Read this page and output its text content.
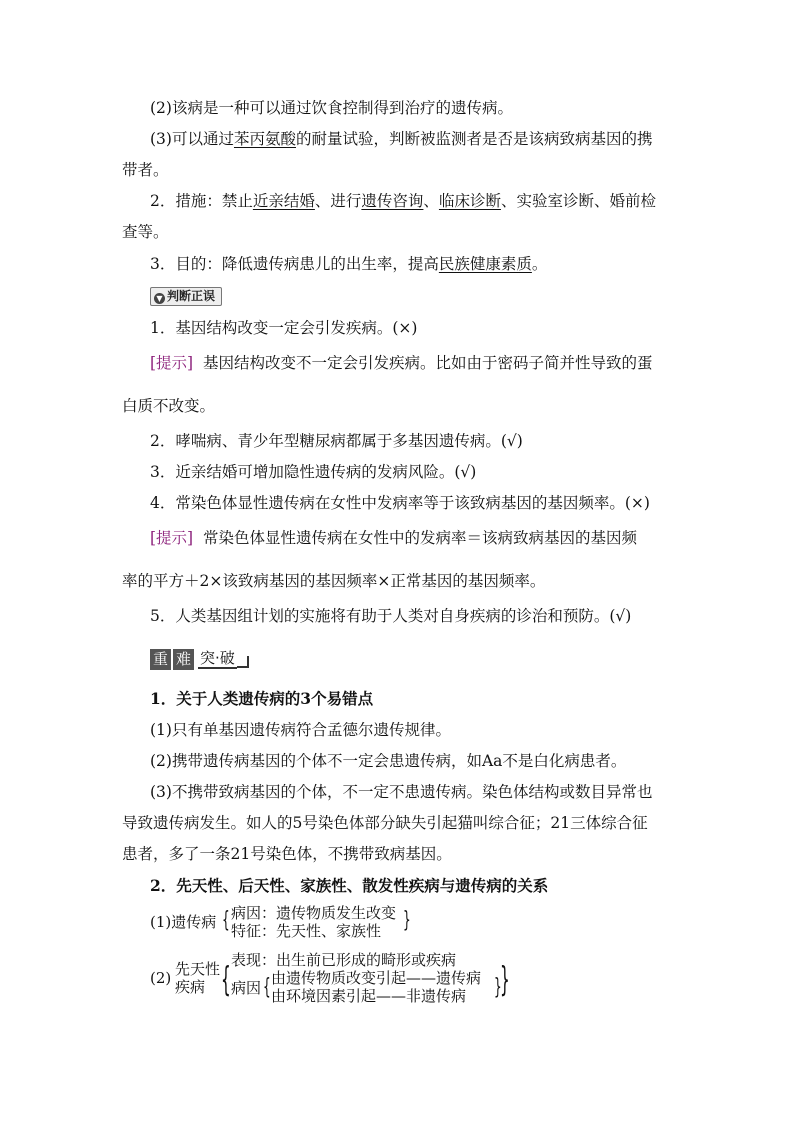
(2)该病是一种可以通过饮食控制得到治疗的遗传病。
(3)可以通过苯丙氨酸的耐量试验，判断被监测者是否是该病致病基因的携
带者。
2．措施：禁止近亲结婚、进行遗传咨询、临床诊断、实验室诊断、婚前检
查等。
3．目的：降低遗传病患儿的出生率，提高民族健康素质。
▼ 判断正误
1．基因结构改变一定会引发疾病。(×)
[提示] 基因结构改变不一定会引发疾病。比如由于密码子简并性导致的蛋
白质不改变。
2．哮喘病、青少年型糖尿病都属于多基因遗传病。(√)
3．近亲结婚可增加隐性遗传病的发病风险。(√)
4．常染色体显性遗传病在女性中发病率等于该致病基因的基因频率。(×)
[提示] 常染色体显性遗传病在女性中的发病率＝该病致病基因的基因频
率的平方＋2×该致病基因的基因频率×正常基因的基因频率。
5．人类基因组计划的实施将有助于人类对自身疾病的诊治和预防。(√)
重 难 突·破
1．关于人类遗传病的3个易错点
(1)只有单基因遗传病符合孟德尔遗传规律。
(2)携带遗传病基因的个体不一定会患遗传病，如Aa不是白化病患者。
(3)不携带致病基因的个体，不一定不患遗传病。染色体结构或数目异常也
导致遗传病发生。如人的5号染色体部分缺失引起猫叫综合征；21三体综合征
患者，多了一条21号染色体，不携带致病基因。
2．先天性、后天性、家族性、散发性疾病与遗传病的关系
(1)遗传病 { 病因：遗传物质发生改变
特征：先天性、家族性 }
(2) 先天性
疾病 { 表现：出生前已形成的畸形或疾病
病因 { 由遗传物质改变引起——遗传病
由环境因素引起——非遗传病 }
}
